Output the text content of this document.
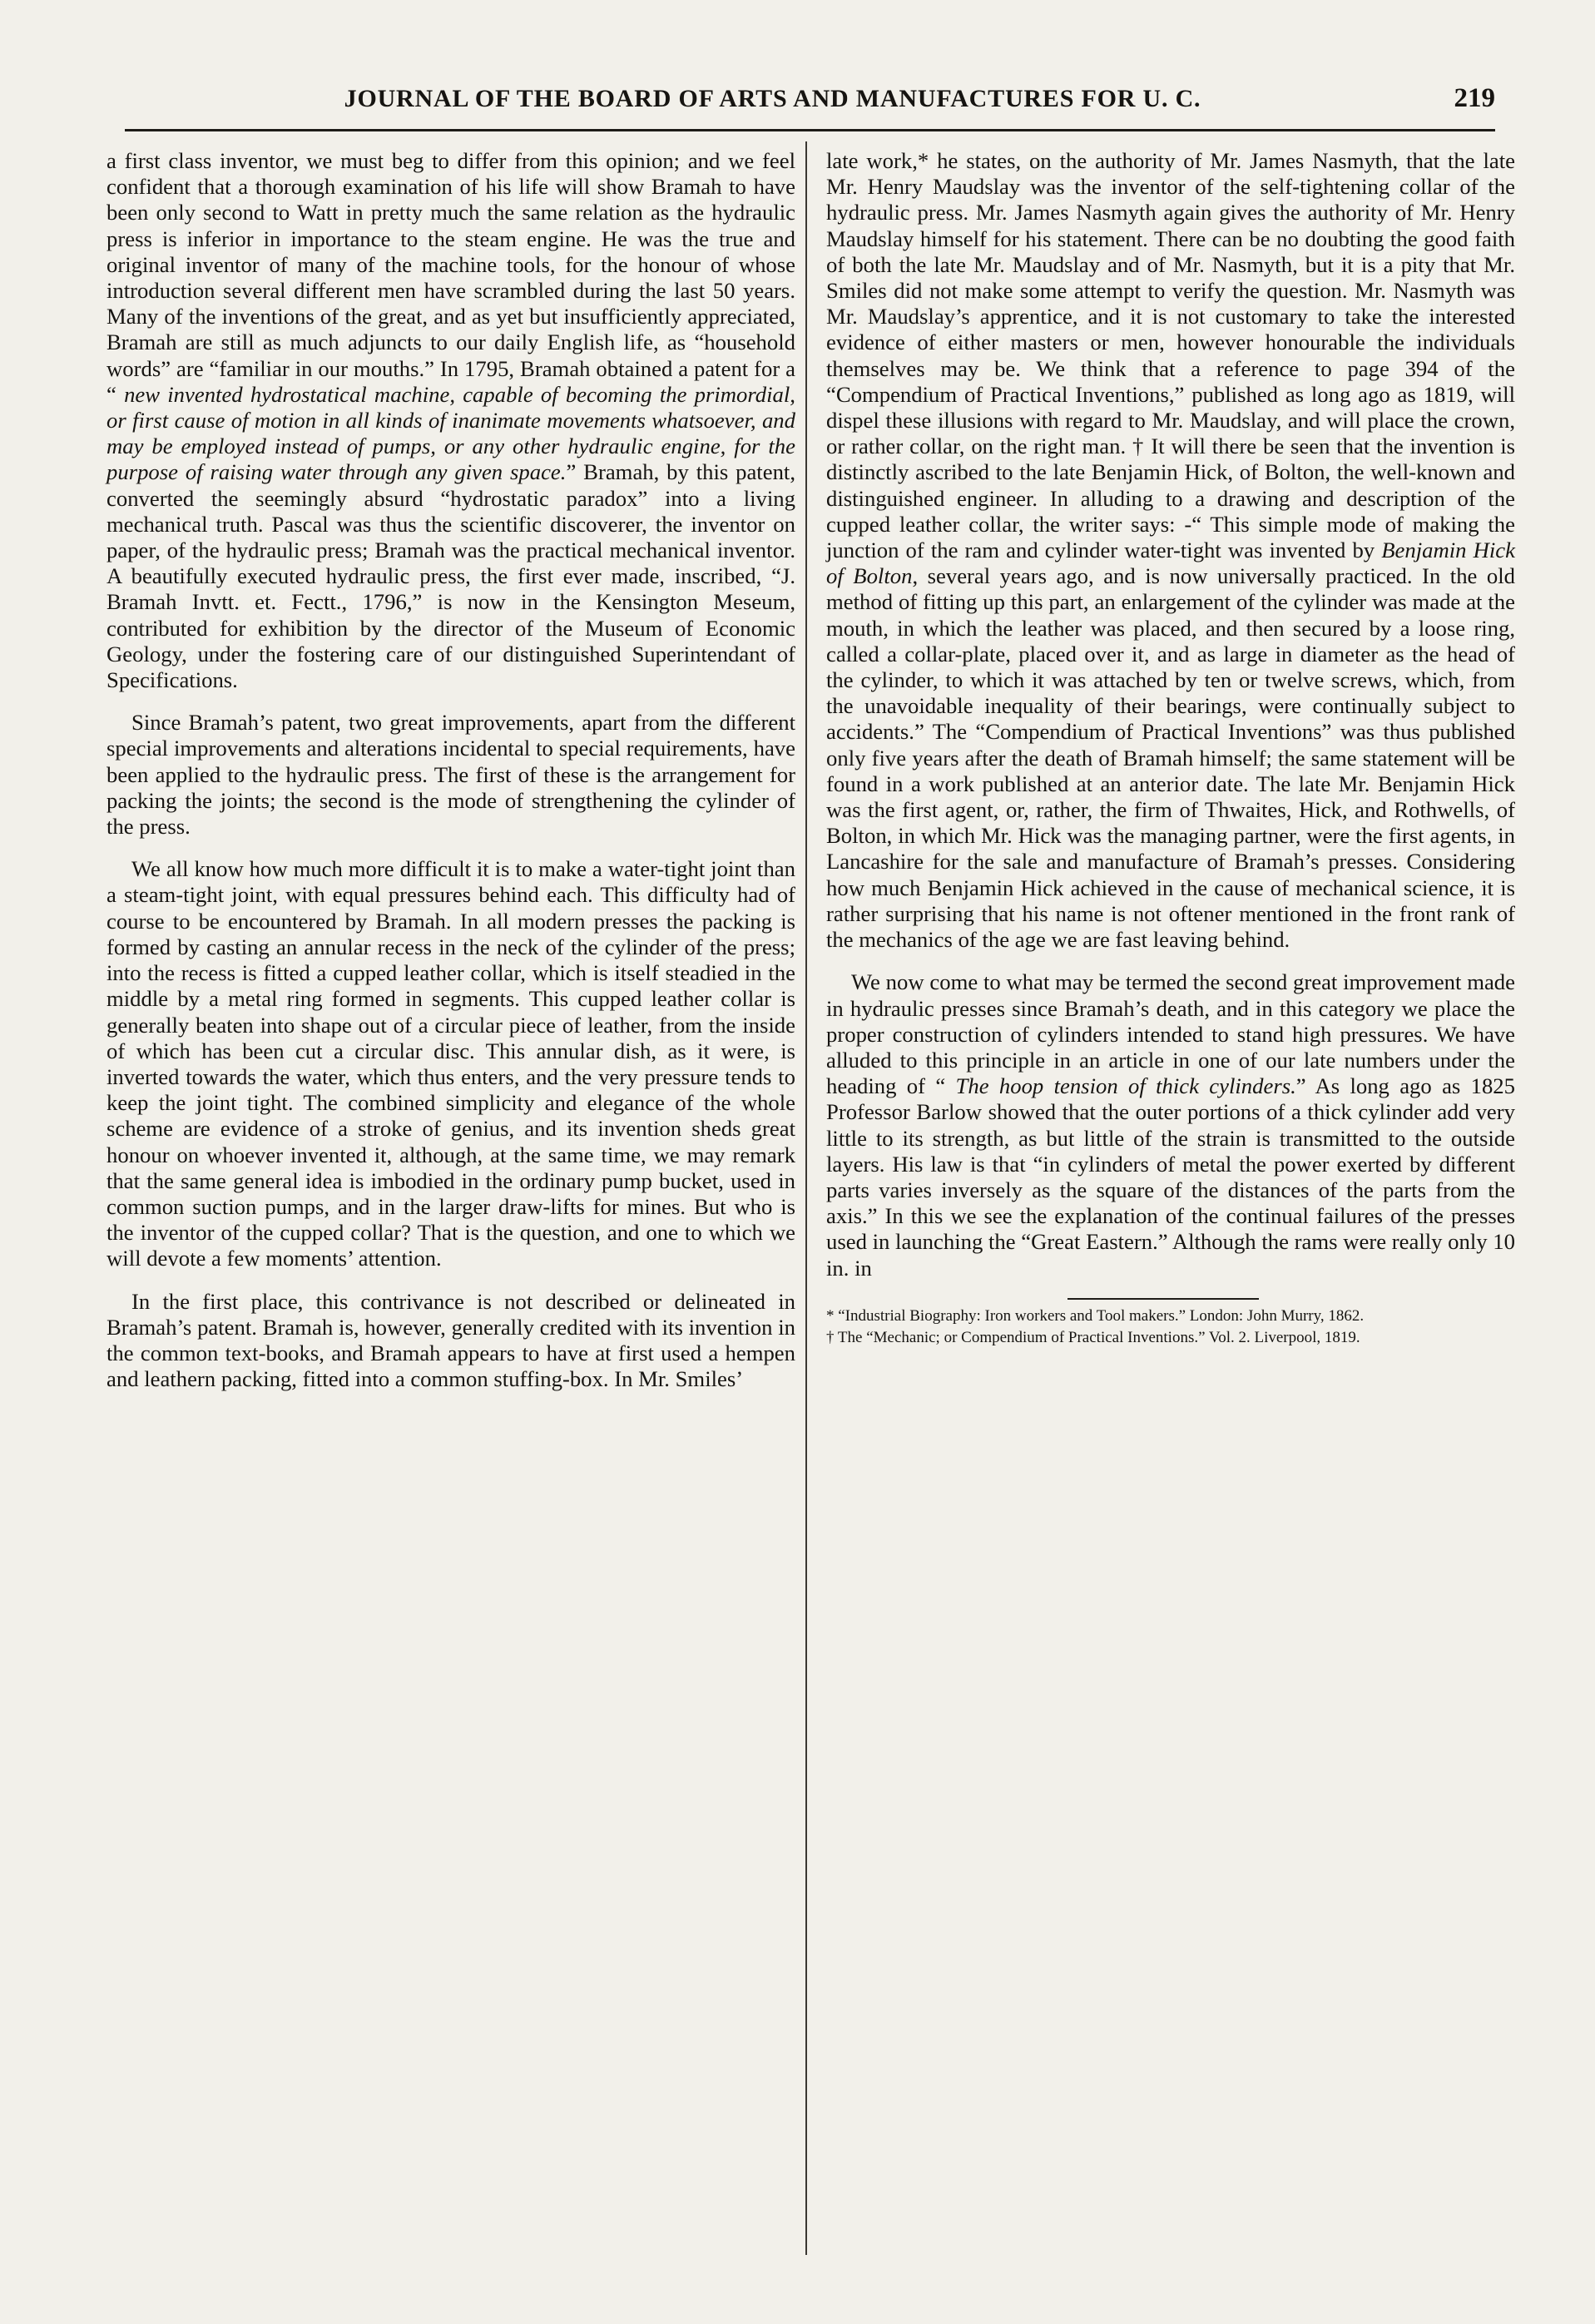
JOURNAL OF THE BOARD OF ARTS AND MANUFACTURES FOR U. C.	219

a first class inventor, we must beg to differ from this opinion; and we feel confident that a thorough examination of his life will show Bramah to have been only second to Watt in pretty much the same relation as the hydraulic press is inferior in importance to the steam engine. He was the true and original inventor of many of the machine tools, for the honour of whose introduction several different men have scrambled during the last 50 years. Many of the inventions of the great, and as yet but insufficiently appreciated, Bramah are still as much adjuncts to our daily English life, as “household words” are “familiar in our mouths.” In 1795, Bramah obtained a patent for a “ new invented hydrostatical machine, capable of becoming the primordial, or first cause of motion in all kinds of inanimate movements whatsoever, and may be employed instead of pumps, or any other hydraulic engine, for the purpose of raising water through any given space.” Bramah, by this patent, converted the seemingly absurd “hydrostatic paradox” into a living mechanical truth. Pascal was thus the scientific discoverer, the inventor on paper, of the hydraulic press; Bramah was the practical mechanical inventor. A beautifully executed hydraulic press, the first ever made, inscribed, “J. Bramah Invtt. et. Fectt., 1796,” is now in the Kensington Meseum, contributed for exhibition by the director of the Museum of Economic Geology, under the fostering care of our distinguished Superintendant of Specifications.

Since Bramah’s patent, two great improvements, apart from the different special improvements and alterations incidental to special requirements, have been applied to the hydraulic press. The first of these is the arrangement for packing the joints; the second is the mode of strengthening the cylinder of the press.

We all know how much more difficult it is to make a water-tight joint than a steam-tight joint, with equal pressures behind each. This difficulty had of course to be encountered by Bramah. In all modern presses the packing is formed by casting an annular recess in the neck of the cylinder of the press; into the recess is fitted a cupped leather collar, which is itself steadied in the middle by a metal ring formed in segments. This cupped leather collar is generally beaten into shape out of a circular piece of leather, from the inside of which has been cut a circular disc. This annular dish, as it were, is inverted towards the water, which thus enters, and the very pressure tends to keep the joint tight. The combined simplicity and elegance of the whole scheme are evidence of a stroke of genius, and its invention sheds great honour on whoever invented it, although, at the same time, we may remark that the same general idea is imbodied in the ordinary pump bucket, used in common suction pumps, and in the larger draw-lifts for mines. But who is the inventor of the cupped collar? That is the question, and one to which we will devote a few moments’ attention.

In the first place, this contrivance is not described or delineated in Bramah’s patent. Bramah is, however, generally credited with its invention in the common text-books, and Bramah appears to have at first used a hempen and leathern packing, fitted into a common stuffing-box. In Mr. Smiles’

late work,* he states, on the authority of Mr. James Nasmyth, that the late Mr. Henry Maudslay was the inventor of the self-tightening collar of the hydraulic press. Mr. James Nasmyth again gives the authority of Mr. Henry Maudslay himself for his statement. There can be no doubting the good faith of both the late Mr. Maudslay and of Mr. Nasmyth, but it is a pity that Mr. Smiles did not make some attempt to verify the question. Mr. Nasmyth was Mr. Maudslay’s apprentice, and it is not customary to take the interested evidence of either masters or men, however honourable the individuals themselves may be. We think that a reference to page 394 of the “Compendium of Practical Inventions,” published as long ago as 1819, will dispel these illusions with regard to Mr. Maudslay, and will place the crown, or rather collar, on the right man. † It will there be seen that the invention is distinctly ascribed to the late Benjamin Hick, of Bolton, the well-known and distinguished engineer. In alluding to a drawing and description of the cupped leather collar, the writer says: -“ This simple mode of making the junction of the ram and cylinder water-tight was invented by Benjamin Hick of Bolton, several years ago, and is now universally practiced. In the old method of fitting up this part, an enlargement of the cylinder was made at the mouth, in which the leather was placed, and then secured by a loose ring, called a collar-plate, placed over it, and as large in diameter as the head of the cylinder, to which it was attached by ten or twelve screws, which, from the unavoidable inequality of their bearings, were continually subject to accidents.” The “Compendium of Practical Inventions” was thus published only five years after the death of Bramah himself; the same statement will be found in a work published at an anterior date. The late Mr. Benjamin Hick was the first agent, or, rather, the firm of Thwaites, Hick, and Rothwells, of Bolton, in which Mr. Hick was the managing partner, were the first agents, in Lancashire for the sale and manufacture of Bramah’s presses. Considering how much Benjamin Hick achieved in the cause of mechanical science, it is rather surprising that his name is not oftener mentioned in the front rank of the mechanics of the age we are fast leaving behind.

We now come to what may be termed the second great improvement made in hydraulic presses since Bramah’s death, and in this category we place the proper construction of cylinders intended to stand high pressures. We have alluded to this principle in an article in one of our late numbers under the heading of “ The hoop tension of thick cylinders.” As long ago as 1825 Professor Barlow showed that the outer portions of a thick cylinder add very little to its strength, as but little of the strain is transmitted to the outside layers. His law is that “in cylinders of metal the power exerted by different parts varies inversely as the square of the distances of the parts from the axis.” In this we see the explanation of the continual failures of the presses used in launching the “Great Eastern.” Although the rams were really only 10 in. in

* “Industrial Biography: Iron workers and Tool makers.” London: John Murry, 1862.
† The “Mechanic; or Compendium of Practical Inventions.” Vol. 2. Liverpool, 1819.
